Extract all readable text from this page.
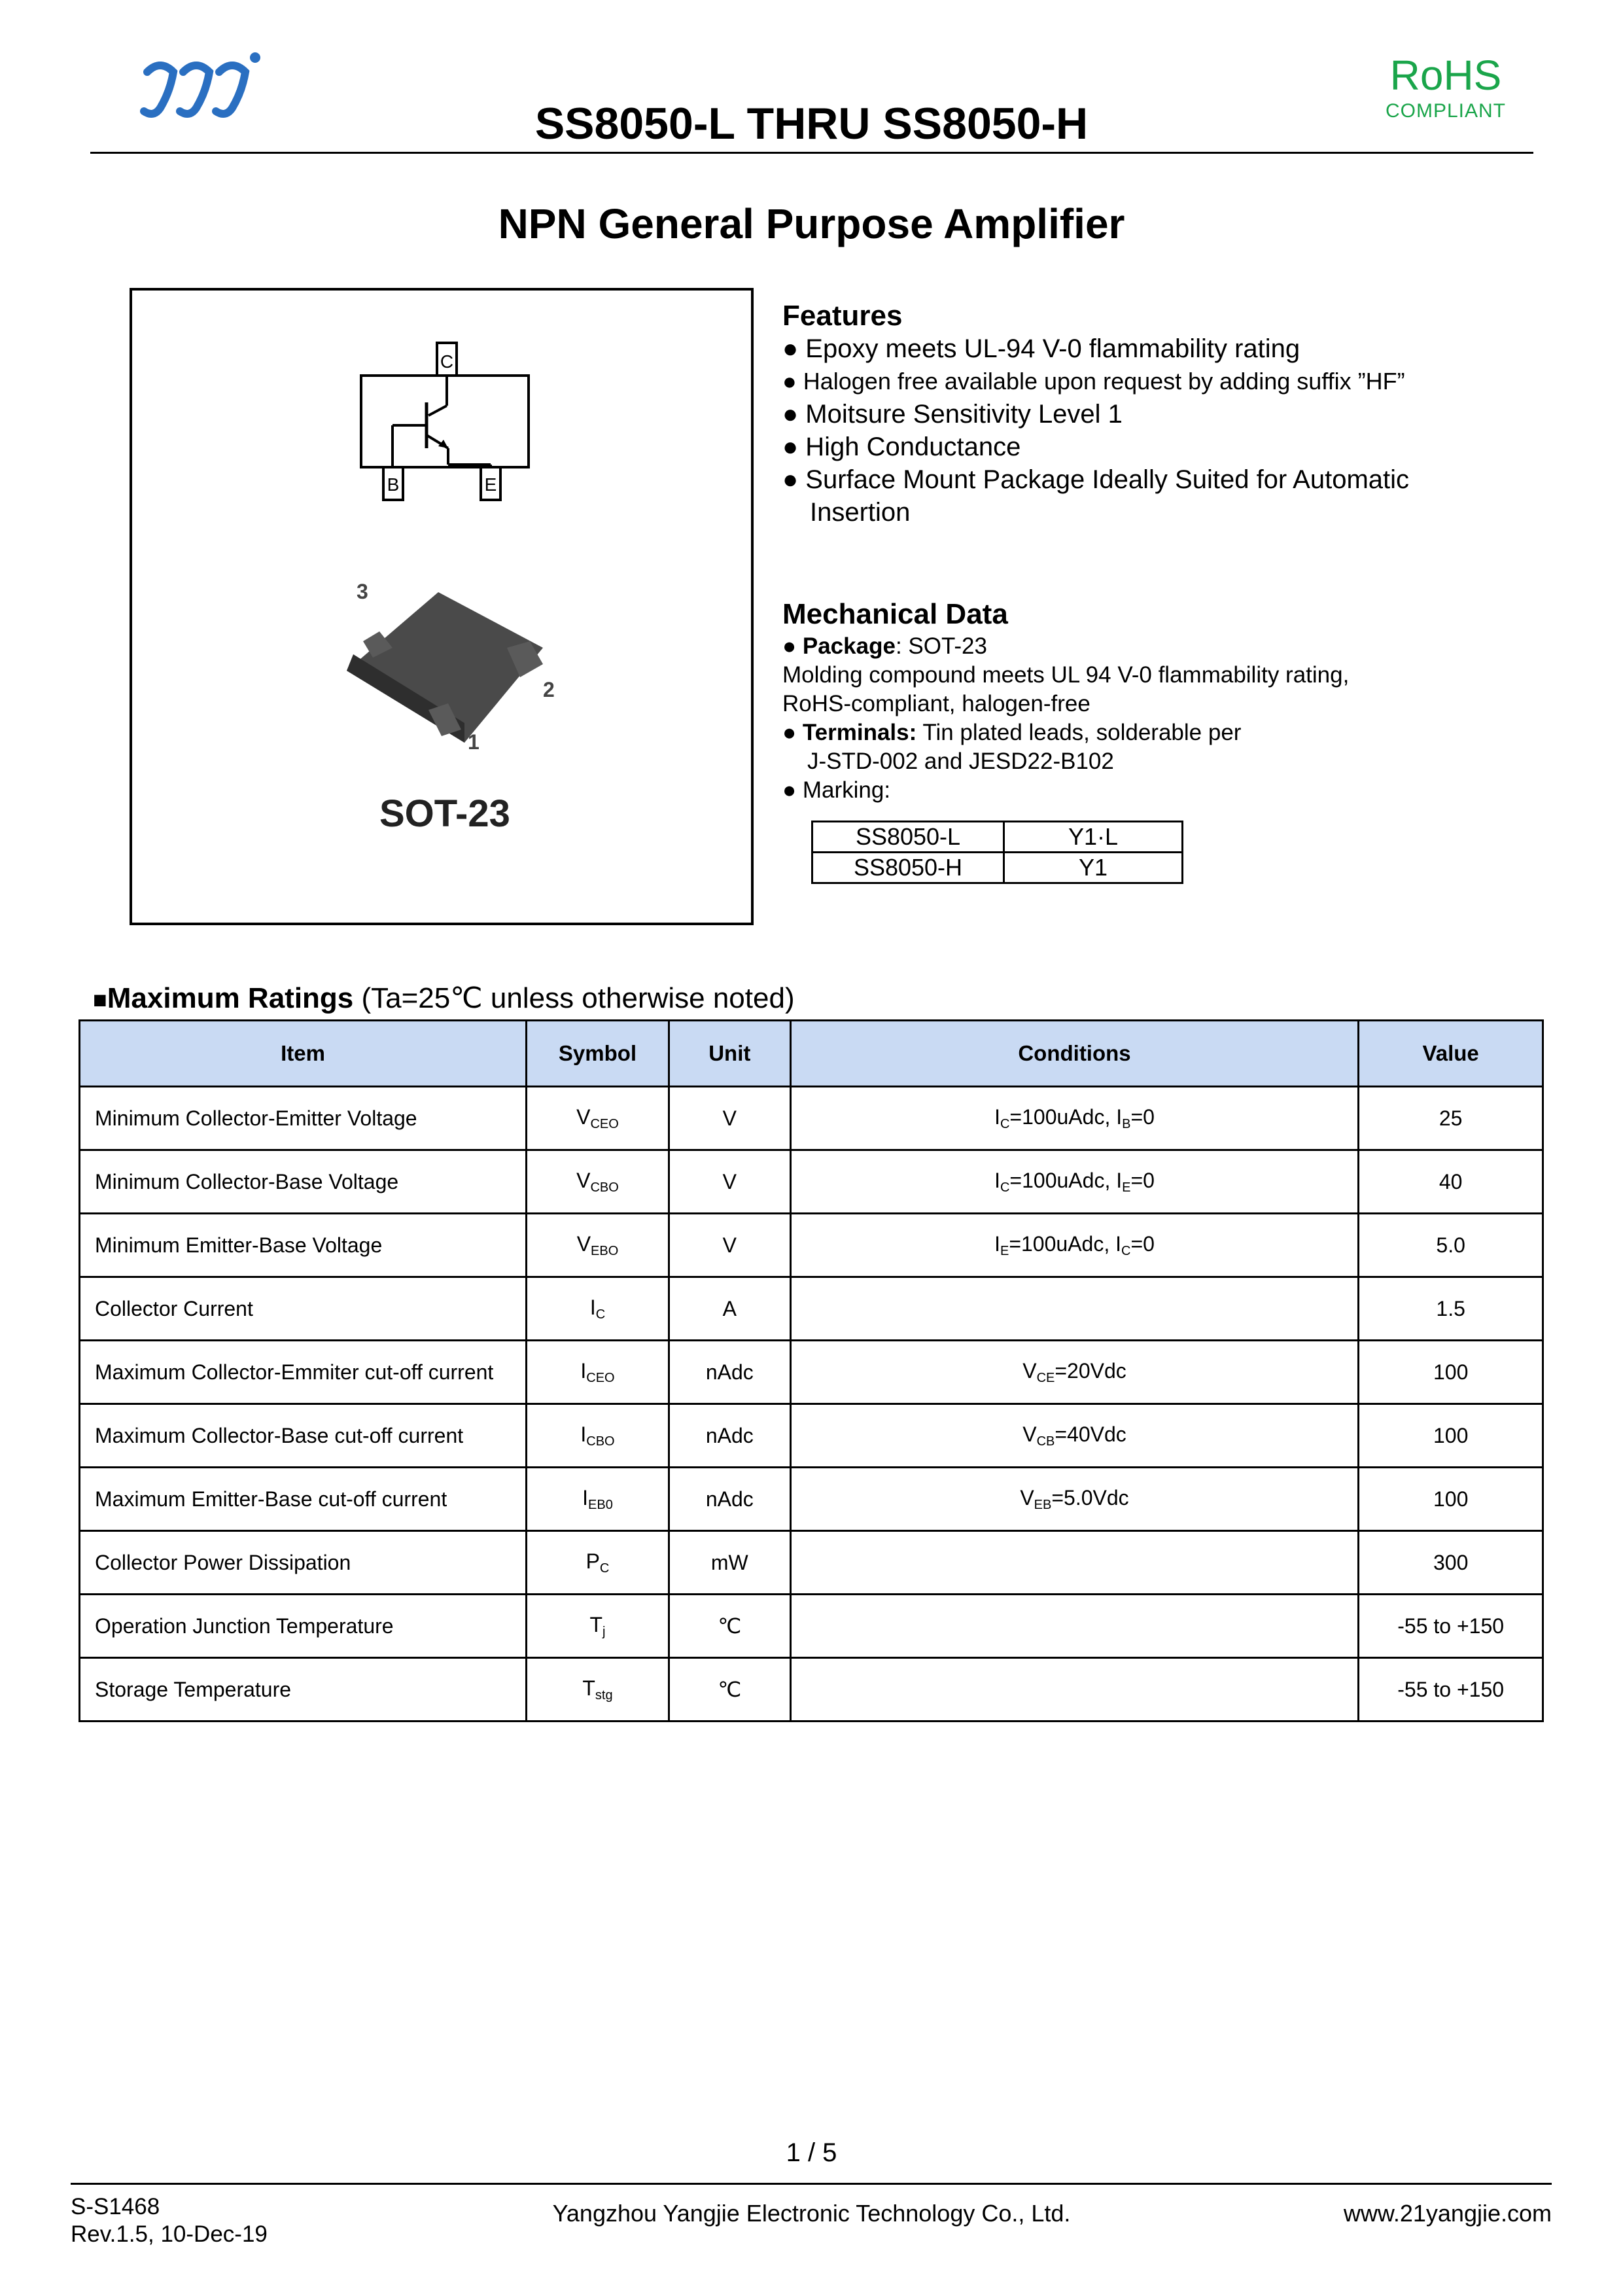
RoHS
COMPLIANT
SS8050-L THRU SS8050-H
NPN General Purpose Amplifier
C
B	E
3
2
1
SOT-23
Features
● Epoxy meets UL-94 V-0 flammability rating
● Halogen free available upon request by adding suffix ”HF”
● Moitsure Sensitivity Level 1
● High Conductance
● Surface Mount Package Ideally Suited for Automatic
Insertion
Mechanical Data
● Package: SOT-23
Molding compound meets UL 94 V-0 flammability rating,
RoHS-compliant, halogen-free
● Terminals: Tin plated leads, solderable per
J-STD-002 and JESD22-B102
● Marking:
SS8050-L	Y1·L
SS8050-H	Y1
■Maximum Ratings (Ta=25℃ unless otherwise noted)
Item	Symbol	Unit	Conditions	Value
Minimum Collector-Emitter Voltage	$V_{CEO}$	V	$I_C=100uAdc$, $I_B=0$	25
Minimum Collector-Base Voltage	$V_{CBO}$	V	$I_C=100uAdc$, $I_E=0$	40
Minimum Emitter-Base Voltage	$V_{EBO}$	V	$I_E=100uAdc$, $I_C=0$	5.0
Collector Current	$I_C$	A		1.5
Maximum Collector-Emmiter cut-off current	$I_{CEO}$	nAdc	$V_{CE}=20Vdc$	100
Maximum Collector-Base cut-off current	$I_{CBO}$	nAdc	$V_{CB}=40Vdc$	100
Maximum Emitter-Base cut-off current	$I_{EB0}$	nAdc	$V_{EB}=5.0Vdc$	100
Collector Power Dissipation	$P_C$	mW		300
Operation Junction Temperature	$T_j$	℃		-55 to +150
Storage Temperature	$T_{stg}$	℃		-55 to +150
1 / 5
S-S1468
Rev.1.5, 10-Dec-19
Yangzhou Yangjie Electronic Technology Co., Ltd.	www.21yangjie.com
